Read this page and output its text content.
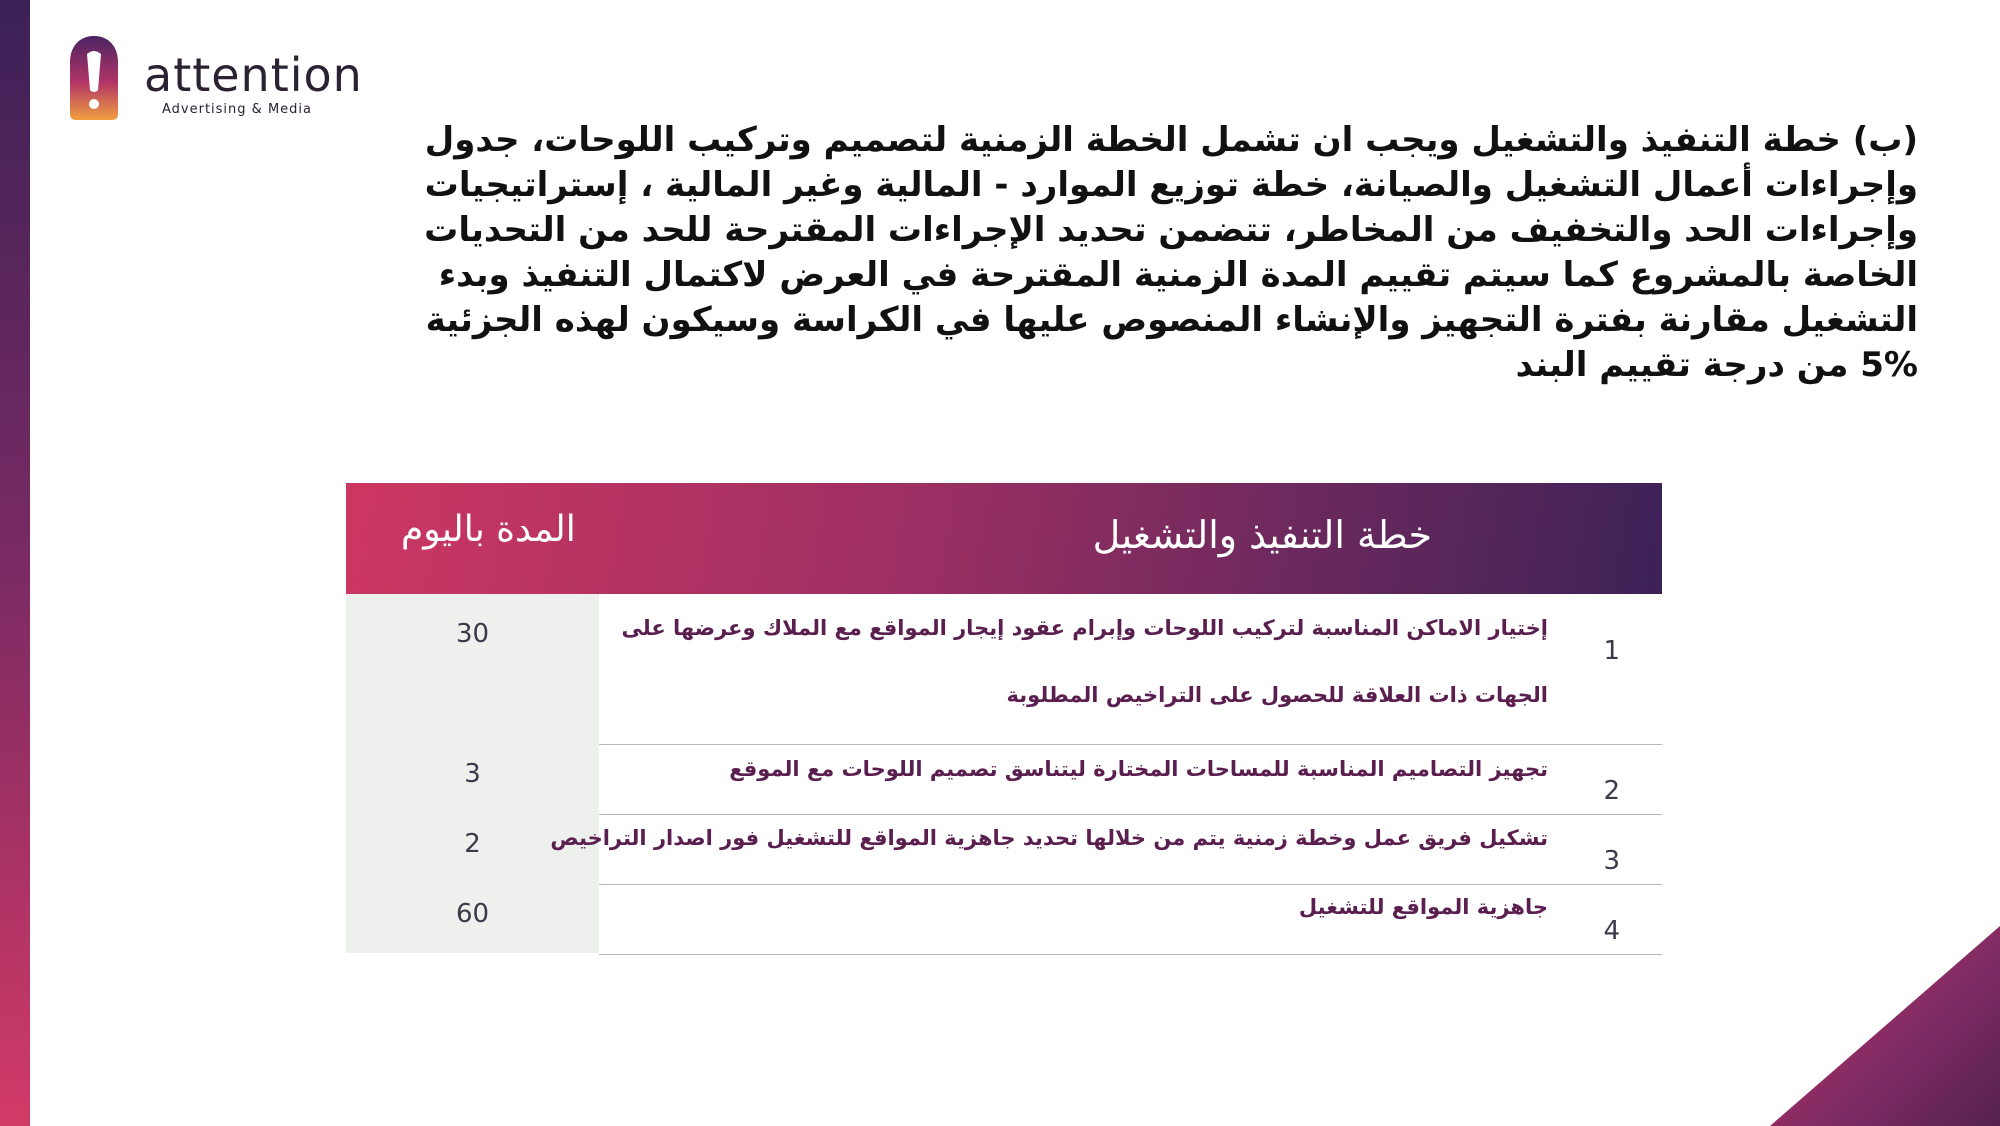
attention
Advertising & Media
(ب) خطة التنفيذ والتشغيل ويجب ان تشمل الخطة الزمنية لتصميم وتركيب اللوحات، جدول
وإجراءات أعمال التشغيل والصيانة، خطة توزيع الموارد - المالية وغير المالية ، إستراتيجيات
وإجراءات الحد والتخفيف من المخاطر، تتضمن تحديد الإجراءات المقترحة للحد من التحديات
الخاصة بالمشروع كما سيتم تقييم المدة الزمنية المقترحة في العرض لاكتمال التنفيذ وبدء
التشغيل مقارنة بفترة التجهيز والإنشاء المنصوص عليها في الكراسة وسيكون لهذه الجزئية
5% من درجة تقييم البند
خطة التنفيذ والتشغيل
المدة باليوم
1
إختيار الاماكن المناسبة لتركيب اللوحات وإبرام عقود إيجار المواقع مع الملاك وعرضها على
الجهات ذات العلاقة للحصول على التراخيص المطلوبة
30
2
تجهيز التصاميم المناسبة للمساحات المختارة ليتناسق تصميم اللوحات مع الموقع
3
3
تشكيل فريق عمل وخطة زمنية يتم من خلالها تحديد جاهزية المواقع للتشغيل فور اصدار التراخيص
2
4
جاهزية المواقع للتشغيل
60
